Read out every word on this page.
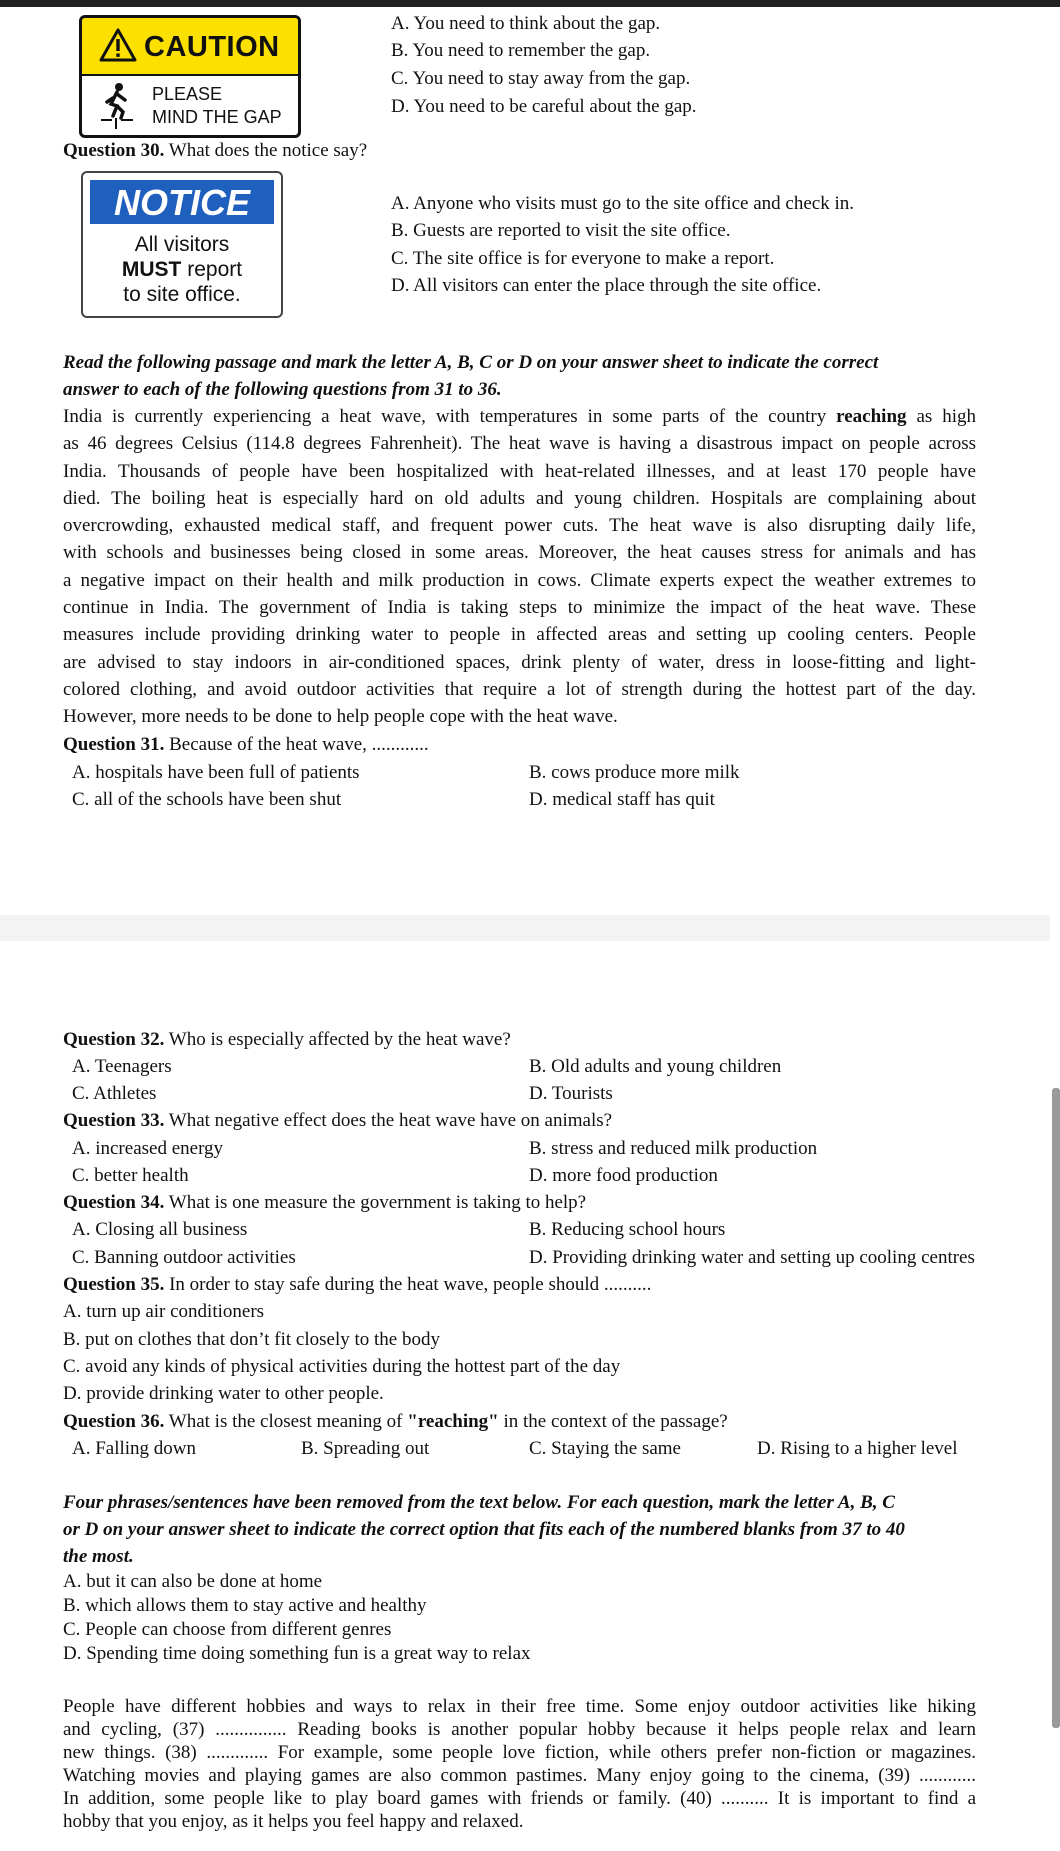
CAUTION
PLEASE
MIND THE GAP
A. You need to think about the gap.
B. You need to remember the gap.
C. You need to stay away from the gap.
D. You need to be careful about the gap.
Question 30. What does the notice say?
NOTICE
All visitors
MUST report
to site office.
A. Anyone who visits must go to the site office and check in.
B. Guests are reported to visit the site office.
C. The site office is for everyone to make a report.
D. All visitors can enter the place through the site office.
Read the following passage and mark the letter A, B, C or D on your answer sheet to indicate the correct
answer to each of the following questions from 31 to 36.
India is currently experiencing a heat wave, with temperatures in some parts of the country reaching as high
as 46 degrees Celsius (114.8 degrees Fahrenheit). The heat wave is having a disastrous impact on people across
India. Thousands of people have been hospitalized with heat-related illnesses, and at least 170 people have
died. The boiling heat is especially hard on old adults and young children. Hospitals are complaining about
overcrowding, exhausted medical staff, and frequent power cuts. The heat wave is also disrupting daily life,
with schools and businesses being closed in some areas. Moreover, the heat causes stress for animals and has
a negative impact on their health and milk production in cows. Climate experts expect the weather extremes to
continue in India. The government of India is taking steps to minimize the impact of the heat wave. These
measures include providing drinking water to people in affected areas and setting up cooling centers. People
are advised to stay indoors in air-conditioned spaces, drink plenty of water, dress in loose-fitting and light-
colored clothing, and avoid outdoor activities that require a lot of strength during the hottest part of the day.
However, more needs to be done to help people cope with the heat wave.
Question 31. Because of the heat wave, ............
A. hospitals have been full of patients	B. cows produce more milk
C. all of the schools have been shut	D. medical staff has quit
Question 32. Who is especially affected by the heat wave?
A. Teenagers	B. Old adults and young children
C. Athletes	D. Tourists
Question 33. What negative effect does the heat wave have on animals?
A. increased energy	B. stress and reduced milk production
C. better health	D. more food production
Question 34. What is one measure the government is taking to help?
A. Closing all business	B. Reducing school hours
C. Banning outdoor activities	D. Providing drinking water and setting up cooling centres
Question 35. In order to stay safe during the heat wave, people should ..........
A. turn up air conditioners
B. put on clothes that don’t fit closely to the body
C. avoid any kinds of physical activities during the hottest part of the day
D. provide drinking water to other people.
Question 36. What is the closest meaning of "reaching" in the context of the passage?
A. Falling down	B. Spreading out	C. Staying the same	D. Rising to a higher level
Four phrases/sentences have been removed from the text below. For each question, mark the letter A, B, C
or D on your answer sheet to indicate the correct option that fits each of the numbered blanks from 37 to 40
the most.
A. but it can also be done at home
B. which allows them to stay active and healthy
C. People can choose from different genres
D. Spending time doing something fun is a great way to relax
People have different hobbies and ways to relax in their free time. Some enjoy outdoor activities like hiking
and cycling, (37) ............... Reading books is another popular hobby because it helps people relax and learn
new things. (38) ............. For example, some people love fiction, while others prefer non-fiction or magazines.
Watching movies and playing games are also common pastimes. Many enjoy going to the cinema, (39) ............
In addition, some people like to play board games with friends or family. (40) .......... It is important to find a
hobby that you enjoy, as it helps you feel happy and relaxed.
